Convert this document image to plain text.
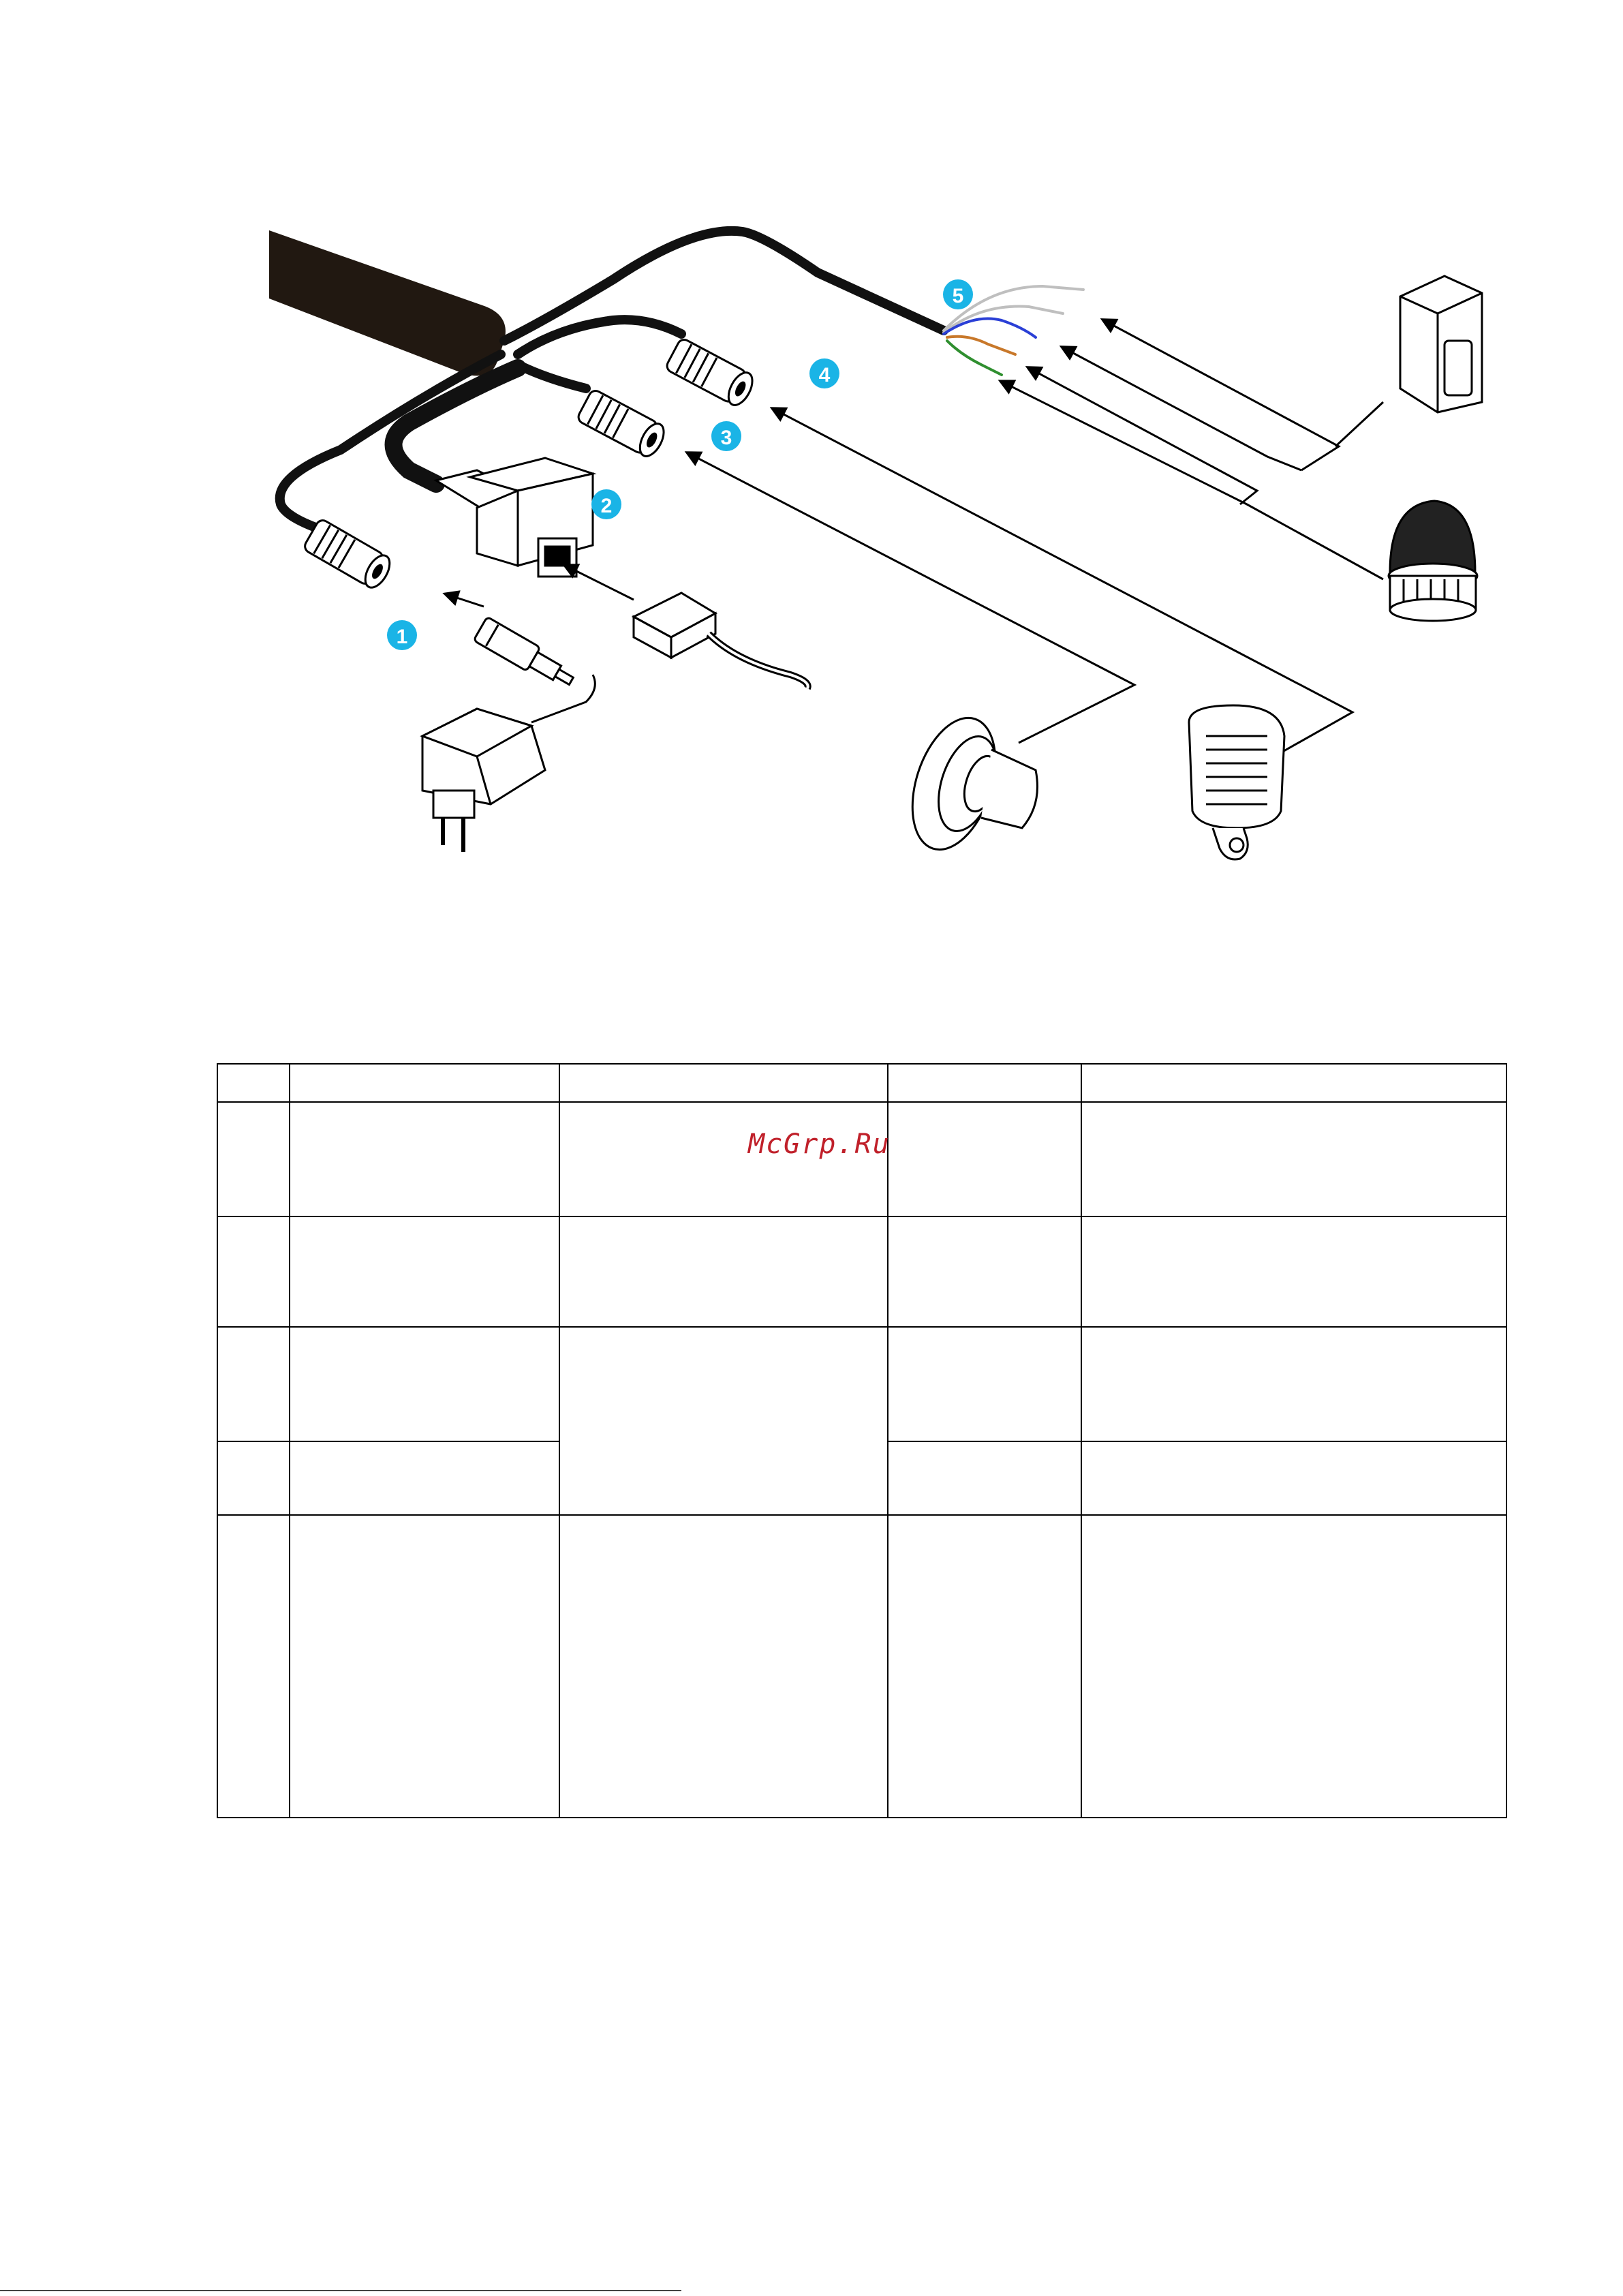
1
2
3
4
5

McGrp.Ru
